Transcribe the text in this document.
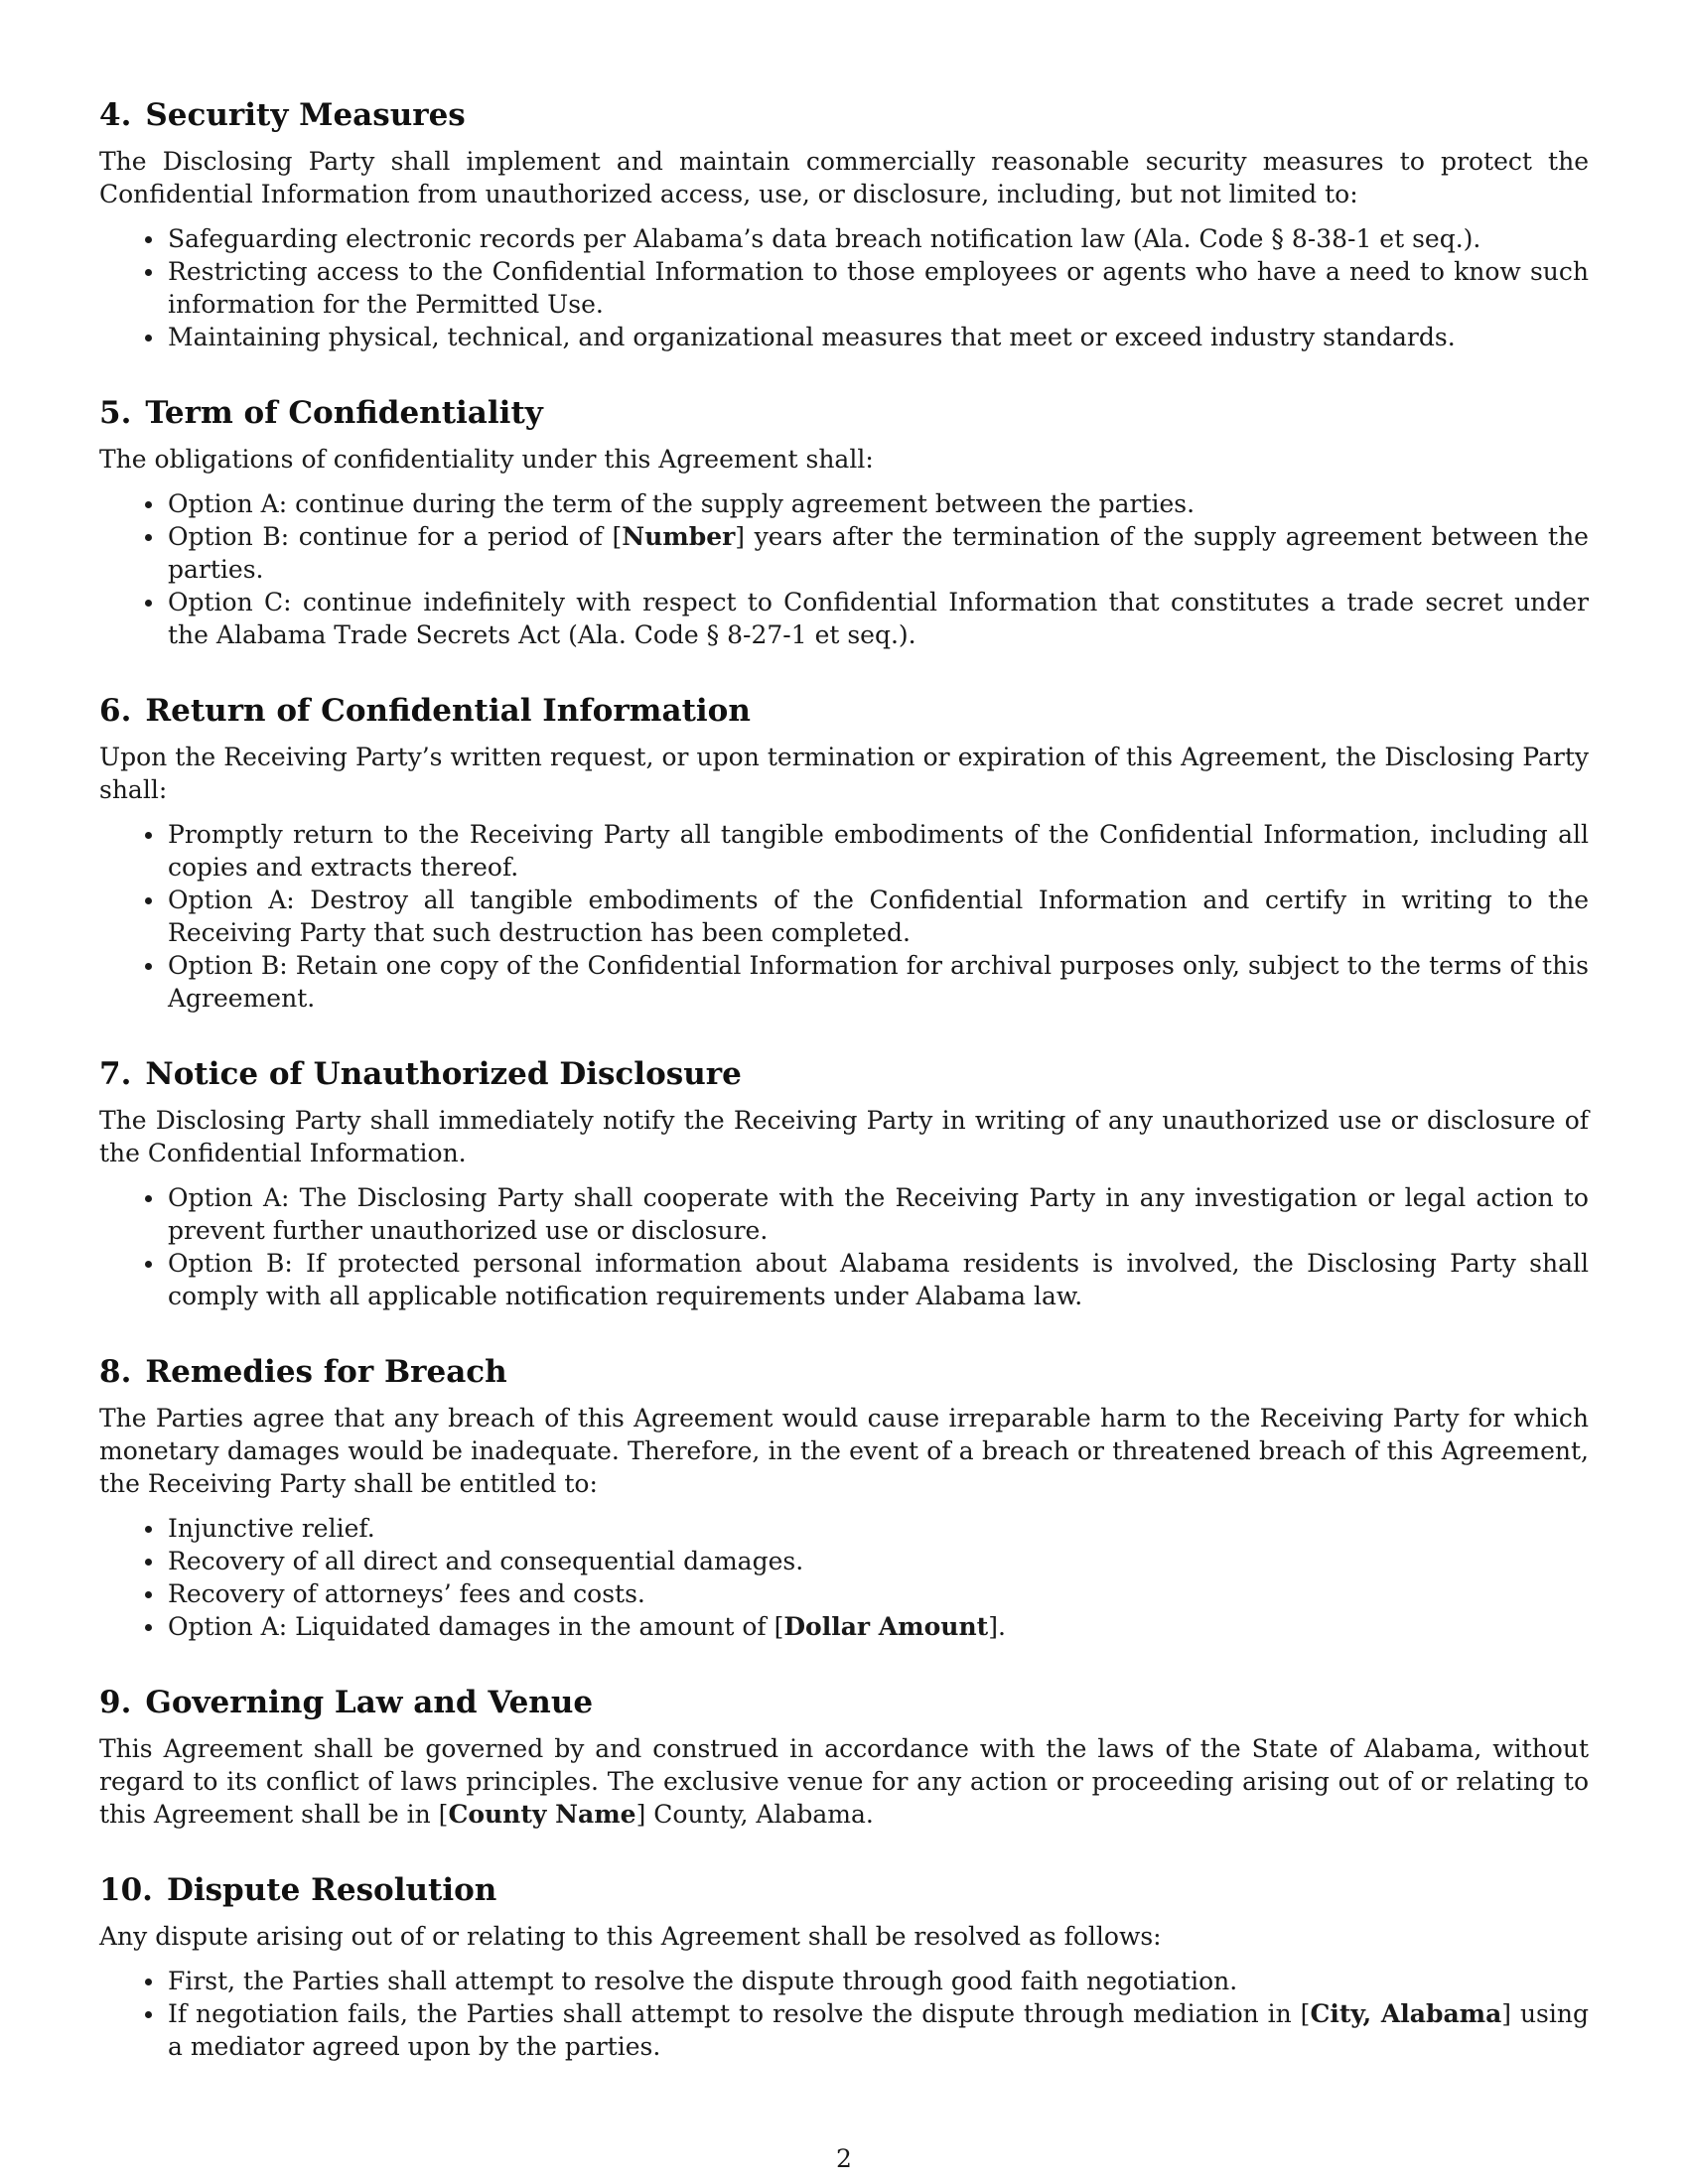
4. Security Measures

The Disclosing Party shall implement and maintain commercially reasonable security measures to protect the Confidential Information from unauthorized access, use, or disclosure, including, but not limited to:

Safeguarding electronic records per Alabama’s data breach notification law (Ala. Code § 8-38-1 et seq.).
Restricting access to the Confidential Information to those employees or agents who have a need to know such information for the Permitted Use.
Maintaining physical, technical, and organizational measures that meet or exceed industry standards.
5. Term of Confidentiality

The obligations of confidentiality under this Agreement shall:

Option A: continue during the term of the supply agreement between the parties.
Option B: continue for a period of [Number] years after the termination of the supply agreement between the parties.
Option C: continue indefinitely with respect to Confidential Information that constitutes a trade secret under the Alabama Trade Secrets Act (Ala. Code § 8-27-1 et seq.).
6. Return of Confidential Information

Upon the Receiving Party’s written request, or upon termination or expiration of this Agreement, the Disclosing Party shall:

Promptly return to the Receiving Party all tangible embodiments of the Confidential Information, including all copies and extracts thereof.
Option A: Destroy all tangible embodiments of the Confidential Information and certify in writing to the Receiving Party that such destruction has been completed.
Option B: Retain one copy of the Confidential Information for archival purposes only, subject to the terms of this Agreement.
7. Notice of Unauthorized Disclosure

The Disclosing Party shall immediately notify the Receiving Party in writing of any unauthorized use or disclosure of the Confidential Information.

Option A: The Disclosing Party shall cooperate with the Receiving Party in any investigation or legal action to prevent further unauthorized use or disclosure.
Option B: If protected personal information about Alabama residents is involved, the Disclosing Party shall comply with all applicable notification requirements under Alabama law.
8. Remedies for Breach

The Parties agree that any breach of this Agreement would cause irreparable harm to the Receiving Party for which monetary damages would be inadequate. Therefore, in the event of a breach or threatened breach of this Agreement, the Receiving Party shall be entitled to:

Injunctive relief.
Recovery of all direct and consequential damages.
Recovery of attorneys’ fees and costs.
Option A: Liquidated damages in the amount of [Dollar Amount].
9. Governing Law and Venue

This Agreement shall be governed by and construed in accordance with the laws of the State of Alabama, without regard to its conflict of laws principles. The exclusive venue for any action or proceeding arising out of or relating to this Agreement shall be in [County Name] County, Alabama.

10. Dispute Resolution

Any dispute arising out of or relating to this Agreement shall be resolved as follows:

First, the Parties shall attempt to resolve the dispute through good faith negotiation.
If negotiation fails, the Parties shall attempt to resolve the dispute through mediation in [City, Alabama] using a mediator agreed upon by the parties.
2
